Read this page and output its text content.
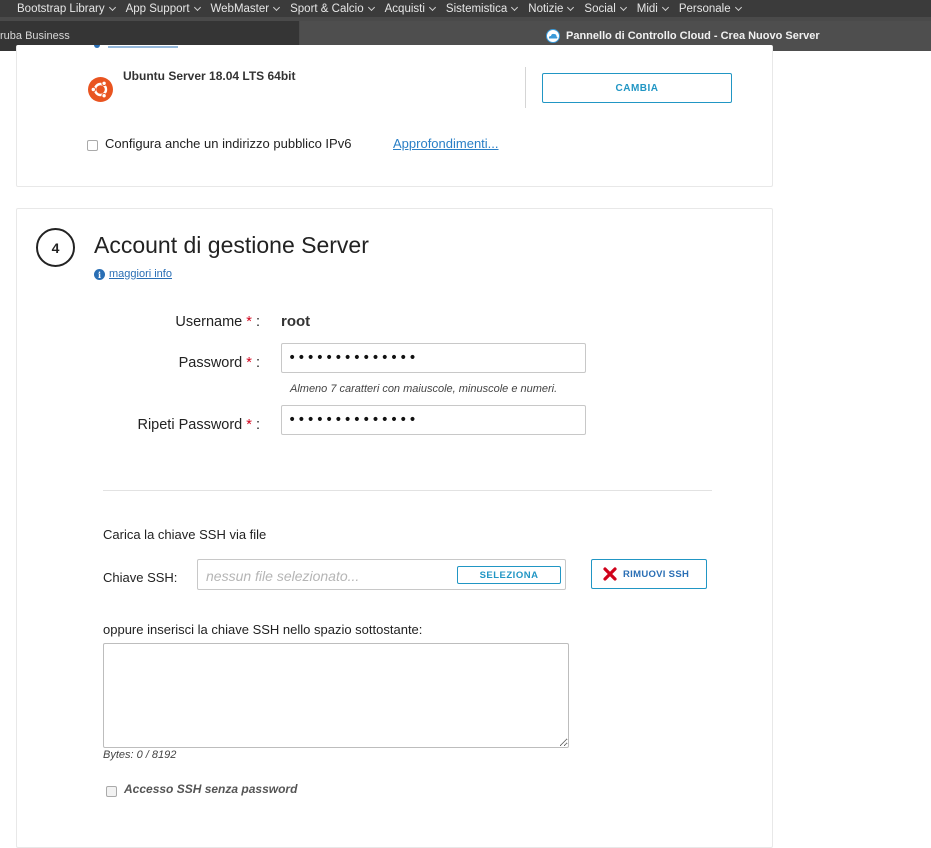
Bootstrap Library App Support WebMaster Sport & Calcio Acquisti Sistemistica Notizie Social Midi Personale
ruba Business	Pannello di Controllo Cloud - Crea Nuovo Server
Ubuntu Server 18.04 LTS 64bit
CAMBIA
Configura anche un indirizzo pubblico IPv6	Approfondimenti...
4	Account di gestione Server
i maggiori info
Username * : root
Password * :	••••••••••••••
Almeno 7 caratteri con maiuscole, minuscole e numeri.
Ripeti Password * :	••••••••••••••
Carica la chiave SSH via file
Chiave SSH: nessun file selezionato...	SELEZIONA	RIMUOVI SSH
oppure inserisci la chiave SSH nello spazio sottostante:
Bytes: 0 / 8192
Accesso SSH senza password
